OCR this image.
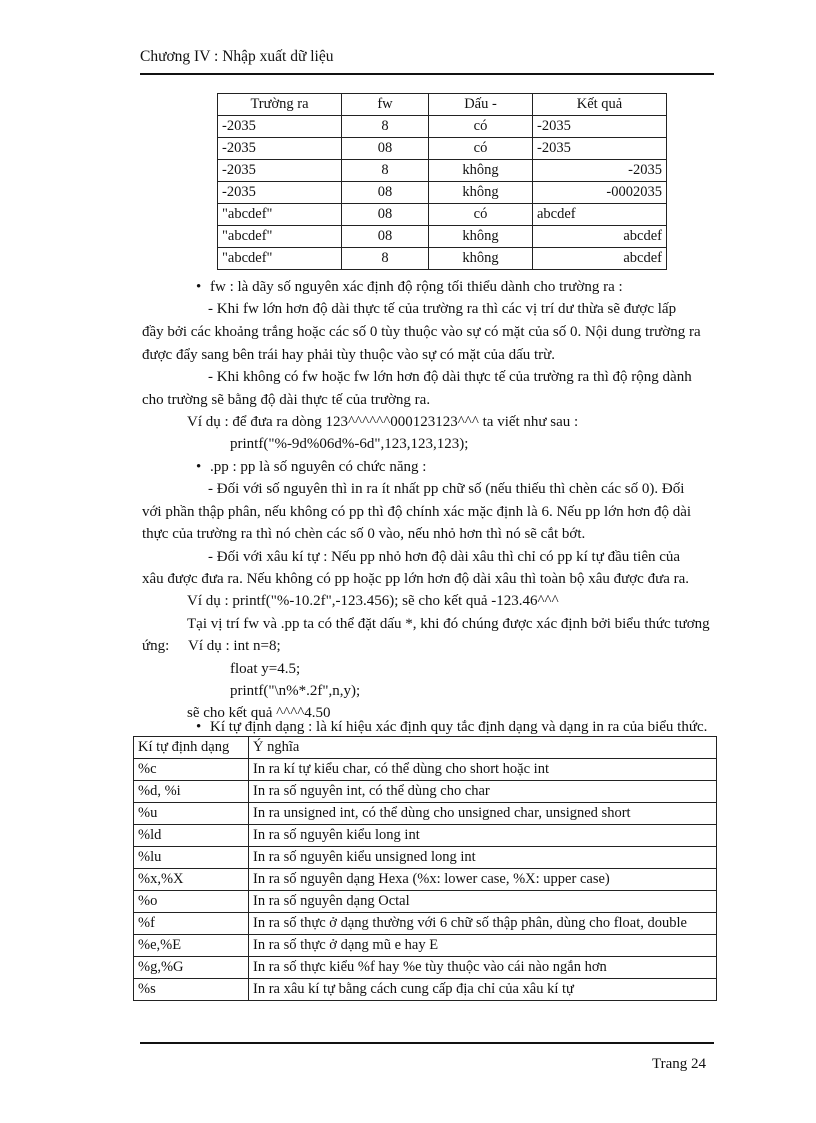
Chương IV : Nhập xuất dữ liệu
Trường ra	fw	Dấu -	Kết quả
-2035	8	có	-2035
-2035	08	có	-2035
-2035	8	không	-2035
-2035	08	không	-0002035
"abcdef"	08	có	abcdef
"abcdef"	08	không	abcdef
"abcdef"	8	không	abcdef
• fw : là dãy số nguyên xác định độ rộng tối thiểu dành cho trường ra :
- Khi fw lớn hơn độ dài thực tế của trường ra thì các vị trí dư thừa sẽ được lấp
đầy bởi các khoảng trắng hoặc các số 0 tùy thuộc vào sự có mặt của số 0. Nội dung trường ra
được đẩy sang bên trái hay phải tùy thuộc vào sự có mặt của dấu trừ.
- Khi không có fw hoặc fw lớn hơn độ dài thực tế của trường ra thì độ rộng dành
cho trường sẽ bằng độ dài thực tế của trường ra.
Ví dụ : để đưa ra dòng 123^^^^^^000123123^^^ ta viết như sau :
printf("%-9d%06d%-6d",123,123,123);
• .pp : pp là số nguyên có chức năng :
- Đối với số nguyên thì in ra ít nhất pp chữ số (nếu thiếu thì chèn các số 0). Đối
với phần thập phân, nếu không có pp thì độ chính xác mặc định là 6. Nếu pp lớn hơn độ dài
thực của trường ra thì nó chèn các số 0 vào, nếu nhỏ hơn thì nó sẽ cắt bớt.
- Đối với xâu kí tự : Nếu pp nhỏ hơn độ dài xâu thì chỉ có pp kí tự đầu tiên của
xâu được đưa ra. Nếu không có pp hoặc pp lớn hơn độ dài xâu thì toàn bộ xâu được đưa ra.
Ví dụ : printf("%-10.2f",-123.456); sẽ cho kết quả -123.46^^^
Tại vị trí fw và .pp ta có thể đặt dấu *, khi đó chúng được xác định bởi biểu thức tương
ứng: Ví dụ : int n=8;
float y=4.5;
printf("\n%*.2f",n,y);
sẽ cho kết quả ^^^^4.50
• Kí tự định dạng : là kí hiệu xác định quy tắc định dạng và dạng in ra của biểu thức.
Kí tự định dạng	Ý nghĩa
%c	In ra kí tự kiểu char, có thể dùng cho short hoặc int
%d, %i	In ra số nguyên int, có thể dùng cho char
%u	In ra unsigned int, có thể dùng cho unsigned char, unsigned short
%ld	In ra số nguyên kiểu long int
%lu	In ra số nguyên kiểu unsigned long int
%x,%X	In ra số nguyên dạng Hexa (%x: lower case, %X: upper case)
%o	In ra số nguyên dạng Octal
%f	In ra số thực ở dạng thường với 6 chữ số thập phân, dùng cho float, double
%e,%E	In ra số thực ở dạng mũ e hay E
%g,%G	In ra số thực kiểu %f hay %e tùy thuộc vào cái nào ngắn hơn
%s	In ra xâu kí tự bằng cách cung cấp địa chỉ của xâu kí tự
Trang 24
